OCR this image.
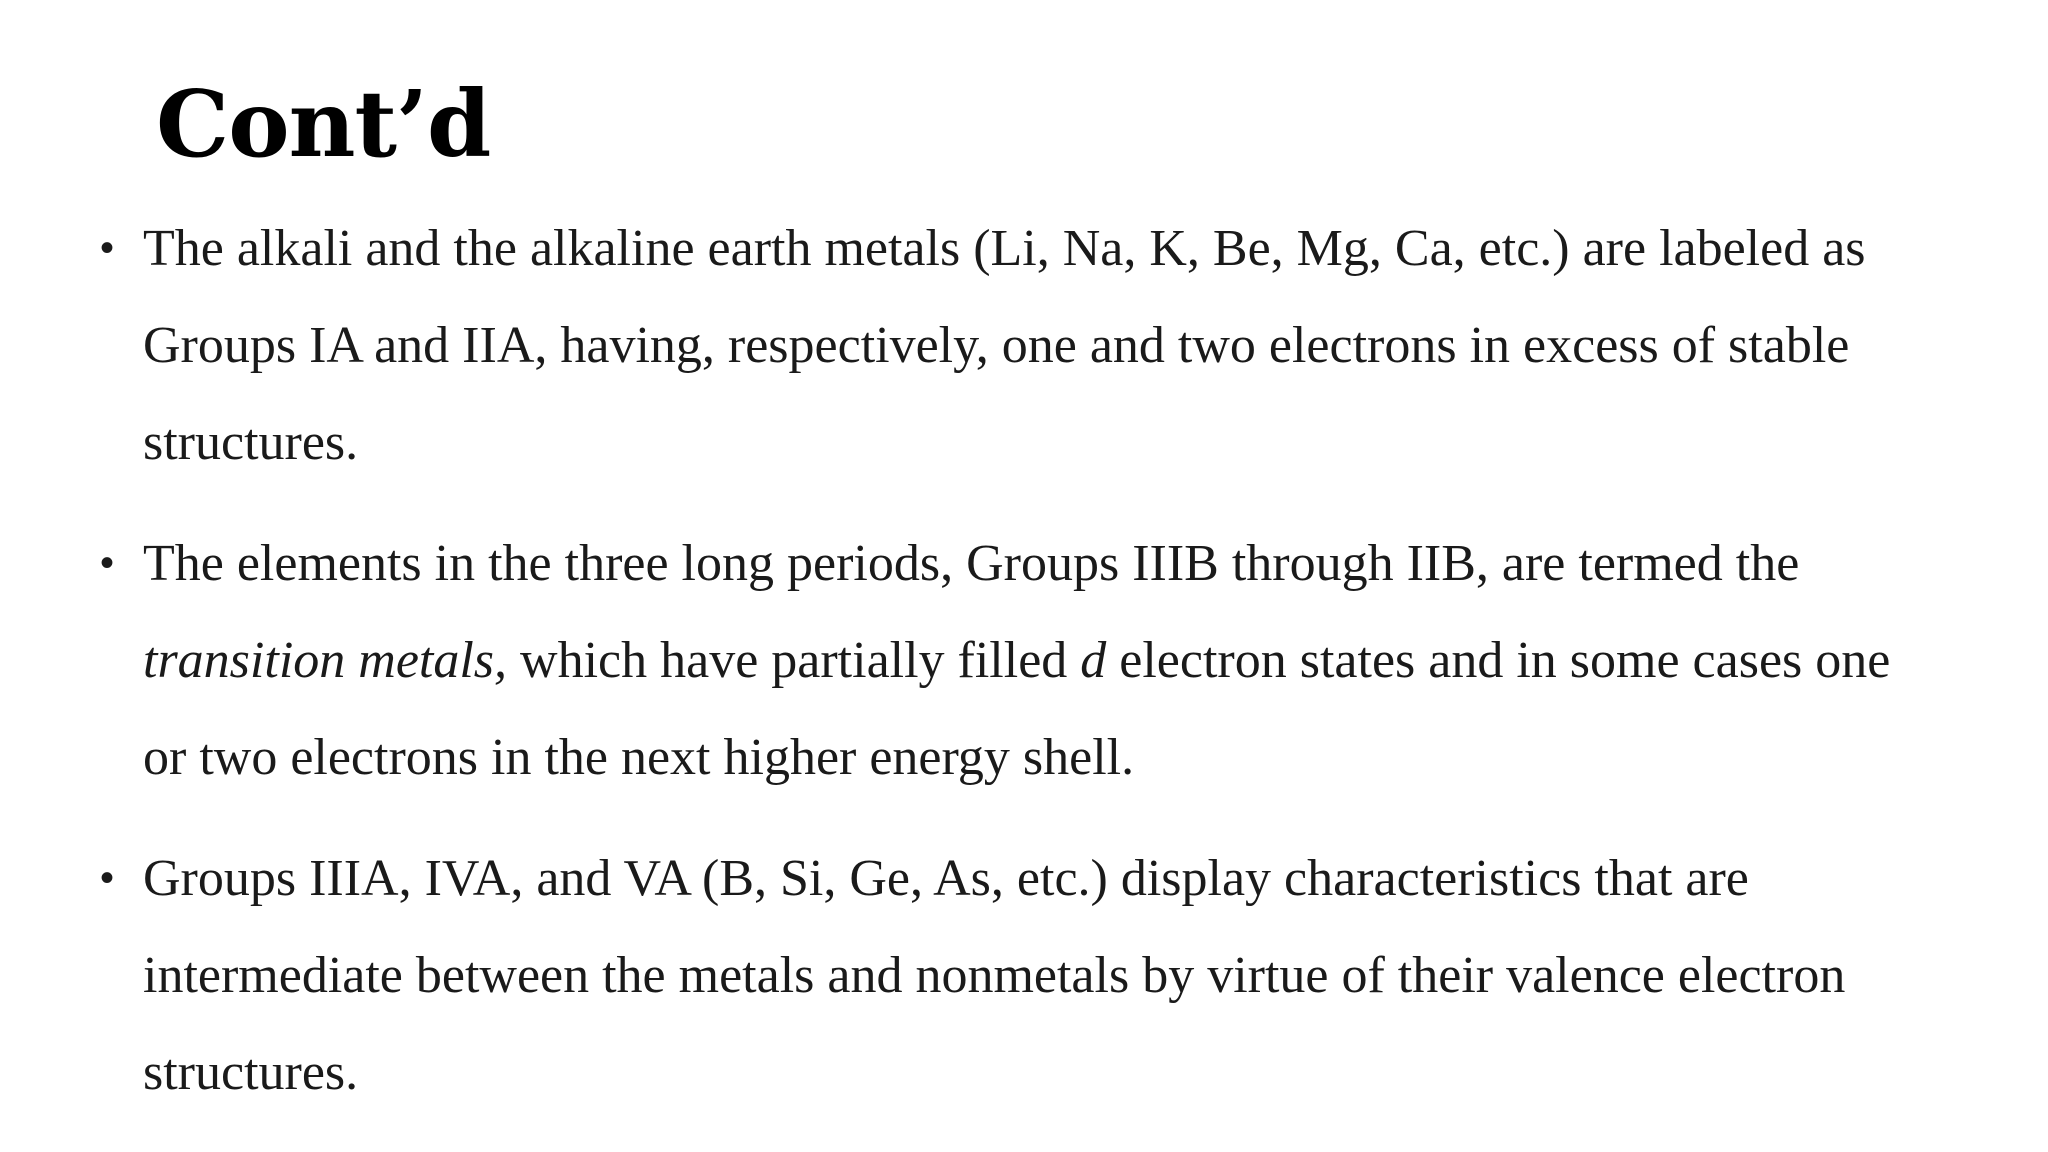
Cont’d
• The alkali and the alkaline earth metals (Li, Na, K, Be, Mg, Ca, etc.) are labeled as Groups IA and IIA, having, respectively, one and two electrons in excess of stable structures.
• The elements in the three long periods, Groups IIIB through IIB, are termed the transition metals, which have partially filled d electron states and in some cases one or two electrons in the next higher energy shell.
• Groups IIIA, IVA, and VA (B, Si, Ge, As, etc.) display characteristics that are intermediate between the metals and nonmetals by virtue of their valence electron structures.
